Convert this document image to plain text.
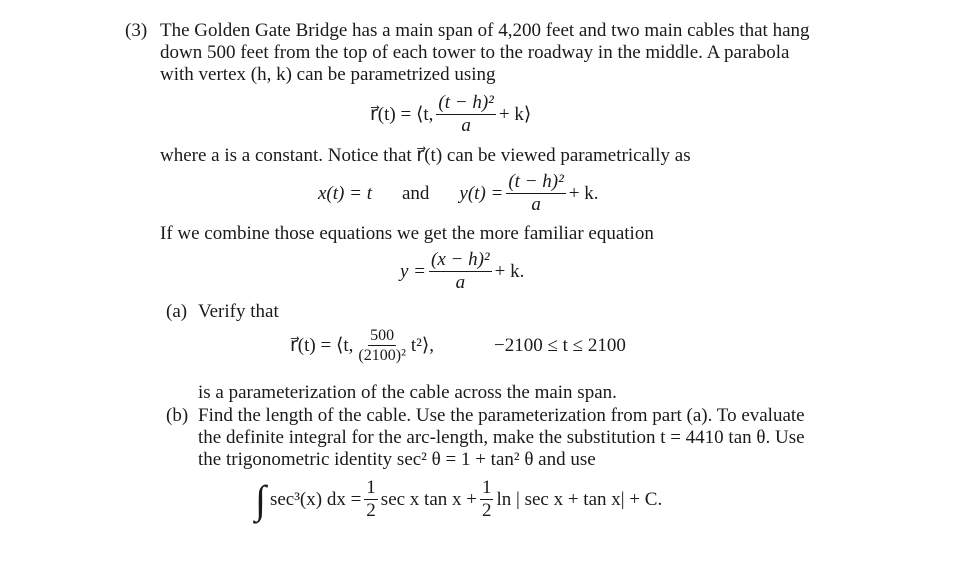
(3) The Golden Gate Bridge has a main span of 4,200 feet and two main cables that hang
down 500 feet from the top of each tower to the roadway in the middle. A parabola
with vertex (h, k) can be parametrized using
r⃗(t) = ⟨t, $\frac{\text{(t − h)²}}{a}$ + k⟩
where a is a constant. Notice that r⃗(t) can be viewed parametrically as
x(t) = t and $y(t) = \frac{\text{(t − h)²}}{a} + k$.
If we combine those equations we get the more familiar equation
$y = \frac{\text{(x − h)²}}{a} + k$.
(a) Verify that
r⃗(t) = ⟨t, $\frac{500}{\text{(2100)²}}$ t²⟩,	−2100 ≤ t ≤ 2100
is a parameterization of the cable across the main span.
(b) Find the length of the cable. Use the parameterization from part (a). To evaluate
the definite integral for the arc-length, make the substitution t = 4410 tan θ. Use
the trigonometric identity sec² θ = 1 + tan² θ and use
∫ sec³(x) dx = $\frac{1}{2}$ sec x $\tan x + \frac{1}{2}$ ln | sec x + tan x| + C.
